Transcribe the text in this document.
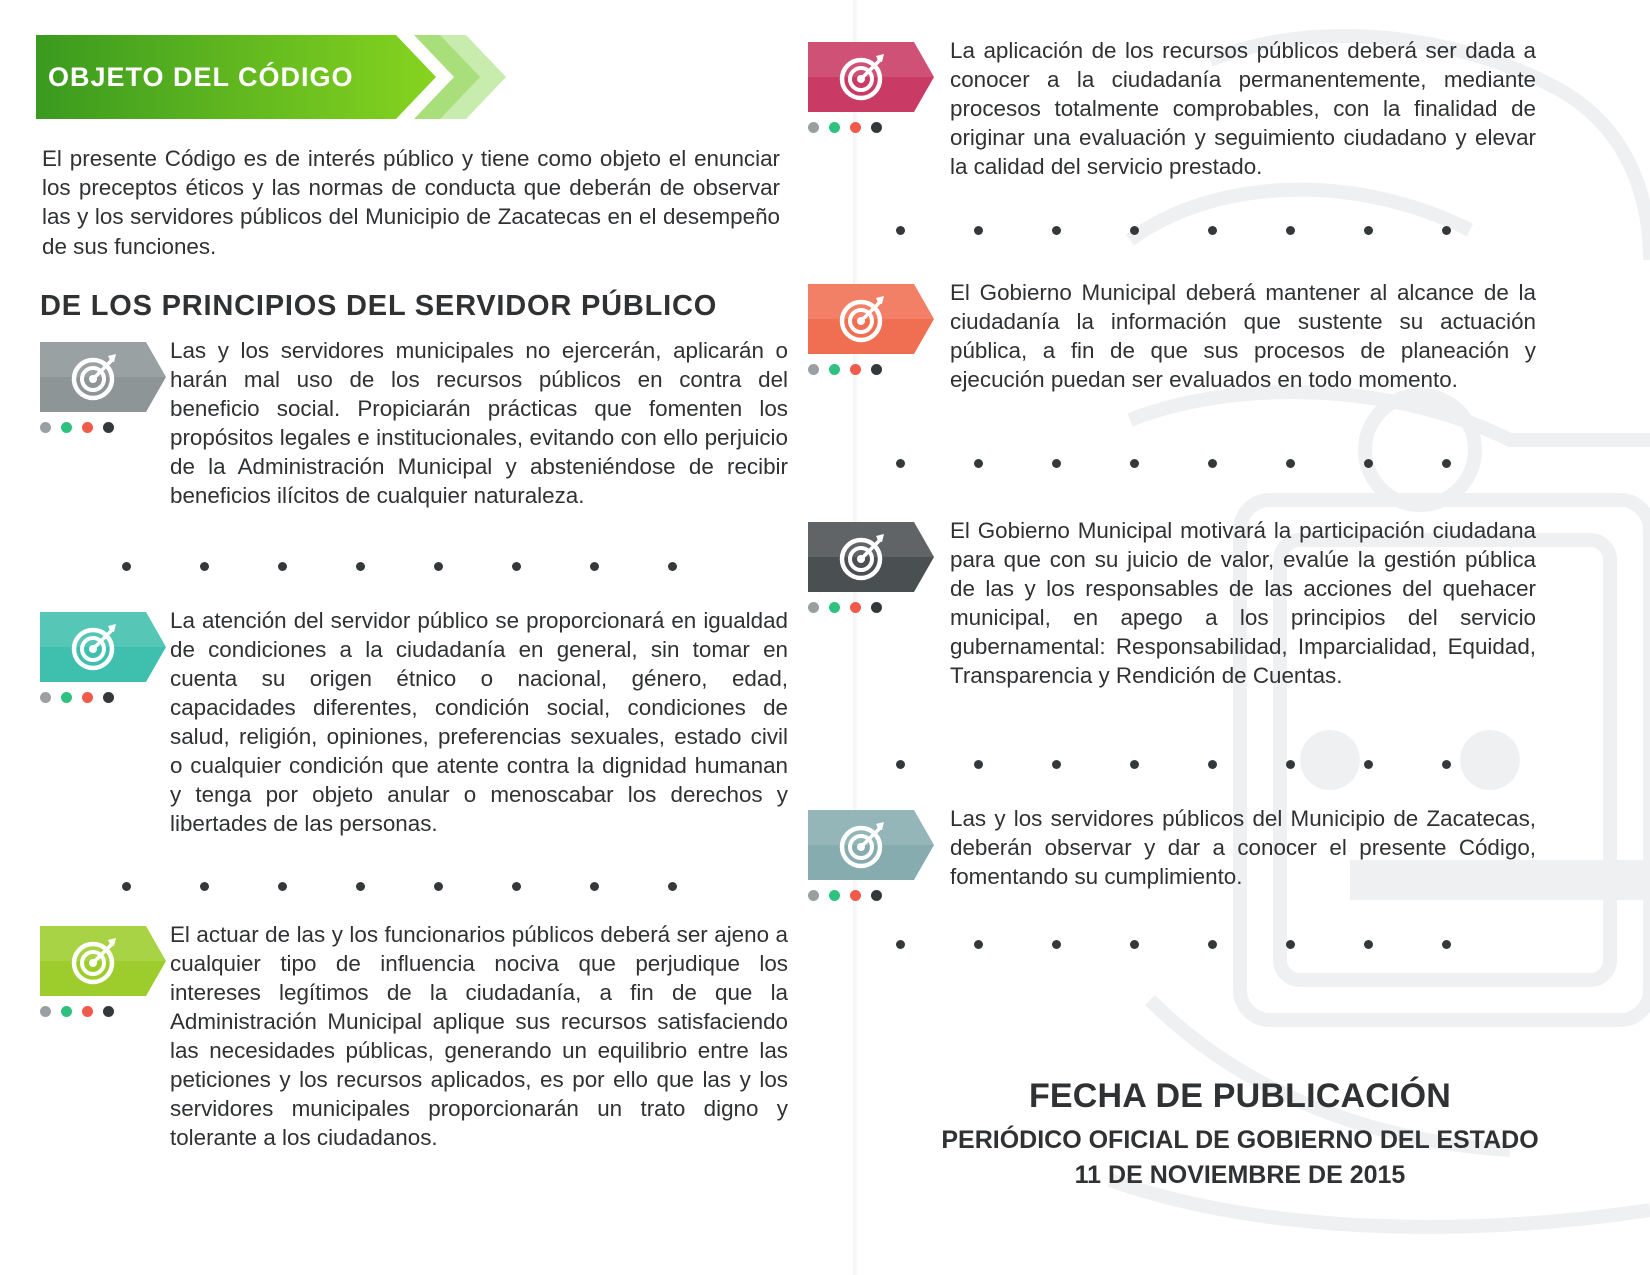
OBJETO DEL CÓDIGO

El presente Código es de interés público y tiene como objeto el enunciar los preceptos éticos y las normas de conducta que deberán de observar las y los servidores públicos del Municipio de Zacatecas en el desempeño de sus funciones.

DE LOS PRINCIPIOS DEL SERVIDOR PÚBLICO

Las y los servidores municipales no ejercerán, aplicarán o harán mal uso de los recursos públicos en contra del beneficio social. Propiciarán prácticas que fomenten los propósitos legales e institucionales, evitando con ello perjuicio de la Administración Municipal y absteniéndose de recibir beneficios ilícitos de cualquier naturaleza.

La atención del servidor público se proporcionará en igualdad de condiciones a la ciudadanía en general, sin tomar en cuenta su origen étnico o nacional, género, edad, capacidades diferentes, condición social, condiciones de salud, religión, opiniones, preferencias sexuales, estado civil o cualquier condición que atente contra la dignidad humanan y tenga por objeto anular o menoscabar los derechos y libertades de las personas.

El actuar de las y los funcionarios públicos deberá ser ajeno a cualquier tipo de influencia nociva que perjudique los intereses legítimos de la ciudadanía, a fin de que la Administración Municipal aplique sus recursos satisfaciendo las necesidades públicas, generando un equilibrio entre las peticiones y los recursos aplicados, es por ello que las y los servidores municipales proporcionarán un trato digno y tolerante a los ciudadanos.

La aplicación de los recursos públicos deberá ser dada a conocer a la ciudadanía permanentemente, mediante procesos totalmente comprobables, con la finalidad de originar una evaluación y seguimiento ciudadano y elevar la calidad del servicio prestado.

El Gobierno Municipal deberá mantener al alcance de la ciudadanía la información que sustente su actuación pública, a fin de que sus procesos de planeación y ejecución puedan ser evaluados en todo momento.

El Gobierno Municipal motivará la participación ciudadana para que con su juicio de valor, evalúe la gestión pública de las y los responsables de las acciones del quehacer municipal, en apego a los principios del servicio gubernamental: Responsabilidad, Imparcialidad, Equidad, Transparencia y Rendición de Cuentas.

Las y los servidores públicos del Municipio de Zacatecas, deberán observar y dar a conocer el presente Código, fomentando su cumplimiento.

FECHA DE PUBLICACIÓN
PERIÓDICO OFICIAL DE GOBIERNO DEL ESTADO
11 DE NOVIEMBRE DE 2015
